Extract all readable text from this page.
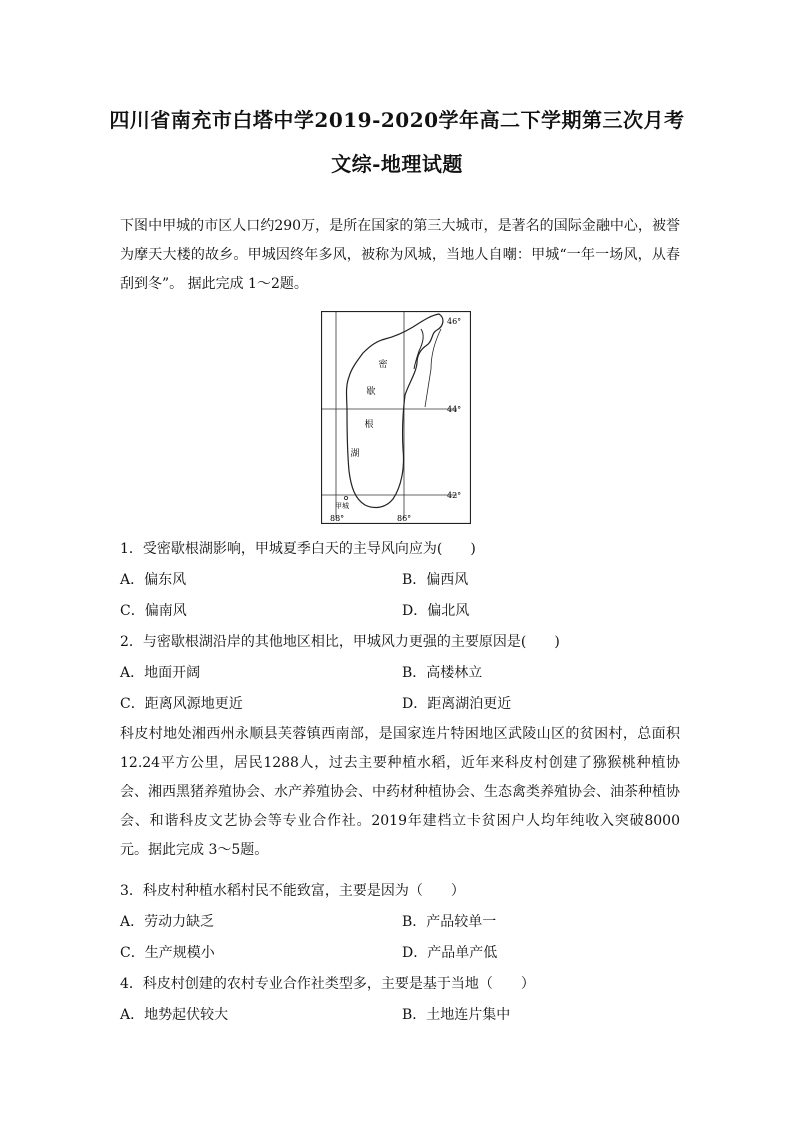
四川省南充市白塔中学2019-2020学年高二下学期第三次月考
文综-地理试题
下图中甲城的市区人口约290万，是所在国家的第三大城市，是著名的国际金融中心，被誉为摩天大楼的故乡。甲城因终年多风，被称为风城，当地人自嘲：甲城“一年一场风，从春刮到冬”。 据此完成 1～2题。
密
歇
根
湖
甲城
46°
44°
42°
88°	86°
1．受密歇根湖影响，甲城夏季白天的主导风向应为(　　)
A．偏东风	B．偏西风
C．偏南风	D．偏北风
2．与密歇根湖沿岸的其他地区相比，甲城风力更强的主要原因是(　　)
A．地面开阔	B．高楼林立
C．距离风源地更近	D．距离湖泊更近
科皮村地处湘西州永顺县芙蓉镇西南部，是国家连片特困地区武陵山区的贫困村，总面积12.24平方公里，居民1288人，过去主要种植水稻，近年来科皮村创建了猕猴桃种植协会、湘西黑猪养殖协会、水产养殖协会、中药材种植协会、生态禽类养殖协会、油茶种植协会、和谐科皮文艺协会等专业合作社。2019年建档立卡贫困户人均年纯收入突破8000元。据此完成 3～5题。
3．科皮村种植水稻村民不能致富，主要是因为（　　）
A．劳动力缺乏	B．产品较单一
C．生产规模小	D．产品单产低
4．科皮村创建的农村专业合作社类型多，主要是基于当地（　　）
A．地势起伏较大	B．土地连片集中
